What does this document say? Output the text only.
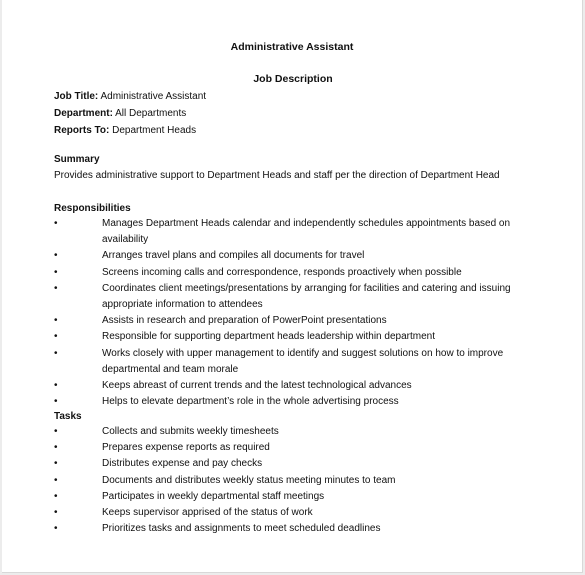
Administrative Assistant
Job Description
Job Title: Administrative Assistant
Department: All Departments
Reports To: Department Heads
Summary
Provides administrative support to Department Heads and staff per the direction of Department Head
Responsibilities
•	Manages Department Heads calendar and independently schedules appointments based on availability
•	Arranges travel plans and compiles all documents for travel
•	Screens incoming calls and correspondence, responds proactively when possible
•	Coordinates client meetings/presentations by arranging for facilities and catering and issuing appropriate information to attendees
•	Assists in research and preparation of PowerPoint presentations
•	Responsible for supporting department heads leadership within department
•	Works closely with upper management to identify and suggest solutions on how to improve departmental and team morale
•	Keeps abreast of current trends and the latest technological advances
•	Helps to elevate department’s role in the whole advertising process
Tasks
•	Collects and submits weekly timesheets
•	Prepares expense reports as required
•	Distributes expense and pay checks
•	Documents and distributes weekly status meeting minutes to team
•	Participates in weekly departmental staff meetings
•	Keeps supervisor apprised of the status of work
•	Prioritizes tasks and assignments to meet scheduled deadlines
